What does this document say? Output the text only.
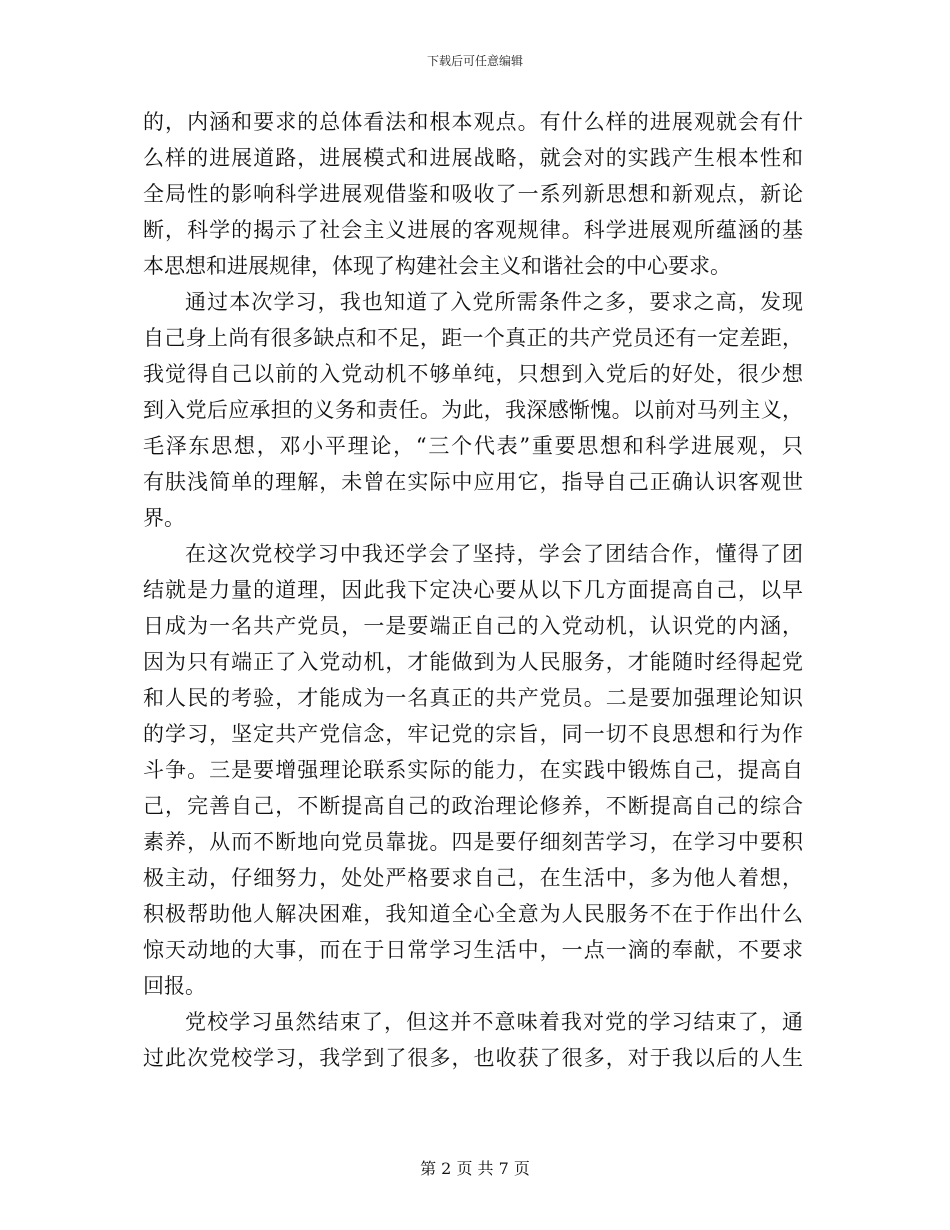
下载后可任意编辑
的，内涵和要求的总体看法和根本观点。有什么样的进展观就会有什
么样的进展道路，进展模式和进展战略，就会对的实践产生根本性和
全局性的影响科学进展观借鉴和吸收了一系列新思想和新观点，新论
断，科学的揭示了社会主义进展的客观规律。科学进展观所蕴涵的基
本思想和进展规律，体现了构建社会主义和谐社会的中心要求。
通过本次学习，我也知道了入党所需条件之多，要求之高，发现
自己身上尚有很多缺点和不足，距一个真正的共产党员还有一定差距，
我觉得自己以前的入党动机不够单纯，只想到入党后的好处，很少想
到入党后应承担的义务和责任。为此，我深感惭愧。以前对马列主义，
毛泽东思想，邓小平理论，“三个代表”重要思想和科学进展观，只
有肤浅简单的理解，未曾在实际中应用它，指导自己正确认识客观世
界。
在这次党校学习中我还学会了坚持，学会了团结合作，懂得了团
结就是力量的道理，因此我下定决心要从以下几方面提高自己，以早
日成为一名共产党员，一是要端正自己的入党动机，认识党的内涵，
因为只有端正了入党动机，才能做到为人民服务，才能随时经得起党
和人民的考验，才能成为一名真正的共产党员。二是要加强理论知识
的学习，坚定共产党信念，牢记党的宗旨，同一切不良思想和行为作
斗争。三是要增强理论联系实际的能力，在实践中锻炼自己，提高自
己，完善自己，不断提高自己的政治理论修养，不断提高自己的综合
素养，从而不断地向党员靠拢。四是要仔细刻苦学习，在学习中要积
极主动，仔细努力，处处严格要求自己，在生活中，多为他人着想，
积极帮助他人解决困难，我知道全心全意为人民服务不在于作出什么
惊天动地的大事，而在于日常学习生活中，一点一滴的奉献，不要求
回报。
党校学习虽然结束了，但这并不意味着我对党的学习结束了，通
过此次党校学习，我学到了很多，也收获了很多，对于我以后的人生
第 2 页 共 7 页
